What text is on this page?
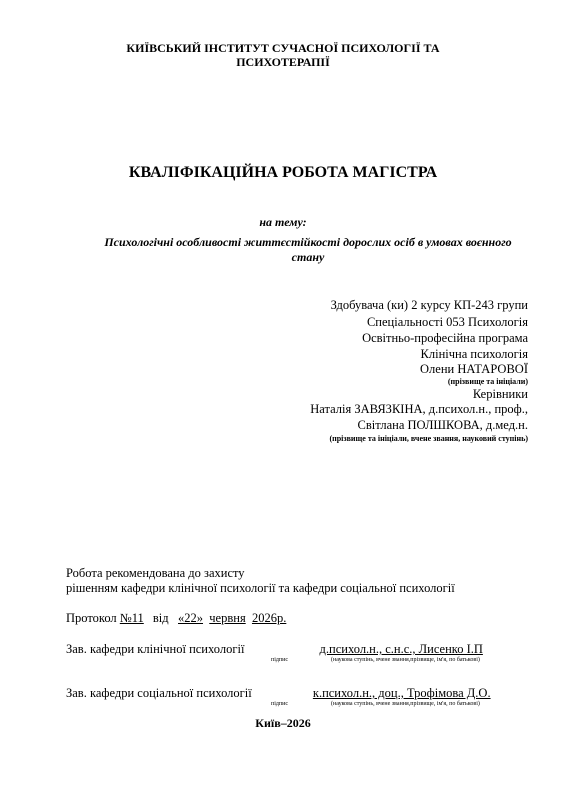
КИЇВСЬКИЙ ІНСТИТУТ СУЧАСНОЇ ПСИХОЛОГІЇ ТА
ПСИХОТЕРАПІЇ
КВАЛІФІКАЦІЙНА РОБОТА МАГІСТРА
на тему:
Психологічні особливості життєстійкості дорослих осіб в умовах воєнного
стану
Здобувача (ки) 2 курсу КП-243 групи
Спеціальності 053 Психологія
Освітньо-професійна програма
Клінічна психологія
Олени НАТАРОВОЇ
(прізвище та ініціали)
Керівники
Наталія ЗАВЯЗКІНА, д.психол.н., проф.,
Світлана ПОЛШКОВА, д.мед.н.
(прізвище та ініціали, вчене звання, науковий ступінь)
Робота рекомендована до захисту
рішенням кафедри клінічної психології та кафедри соціальної психології
Протокол №11 від «22» червня 2026р.
Зав. кафедри клінічної психології	д.психол.н., с.н.с., Лисенко І.П
підпис	(наукова ступінь, вчене звання,прізвище, ім'я, по батькові)
Зав. кафедри соціальної психології	к.психол.н., доц., Трофімова Д.О.
підпис	(наукова ступінь, вчене звання,прізвище, ім'я, по батькові)
Київ–2026
